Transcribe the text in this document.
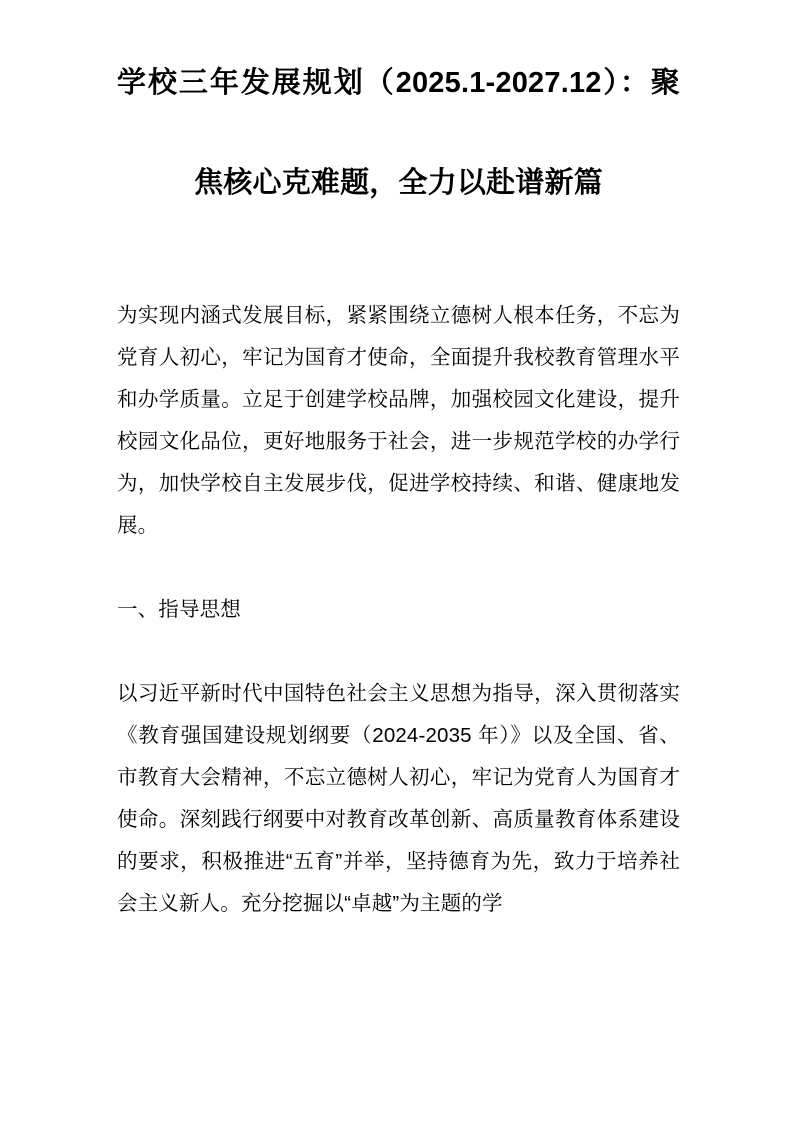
学校三年发展规划（2025.1-2027.12）：聚
焦核心克难题，全力以赴谱新篇

为实现内涵式发展目标，紧紧围绕立德树人根本任务，不忘为党育人初心，牢记为国育才使命，全面提升我校教育管理水平和办学质量。立足于创建学校品牌，加强校园文化建设，提升校园文化品位，更好地服务于社会，进一步规范学校的办学行为，加快学校自主发展步伐，促进学校持续、和谐、健康地发展。

一、指导思想

以习近平新时代中国特色社会主义思想为指导，深入贯彻落实《教育强国建设规划纲要（2024-2035 年）》以及全国、省、市教育大会精神，不忘立德树人初心，牢记为党育人为国育才使命。深刻践行纲要中对教育改革创新、高质量教育体系建设的要求，积极推进“五育”并举，坚持德育为先，致力于培养社会主义新人。充分挖掘以“卓越”为主题的学
